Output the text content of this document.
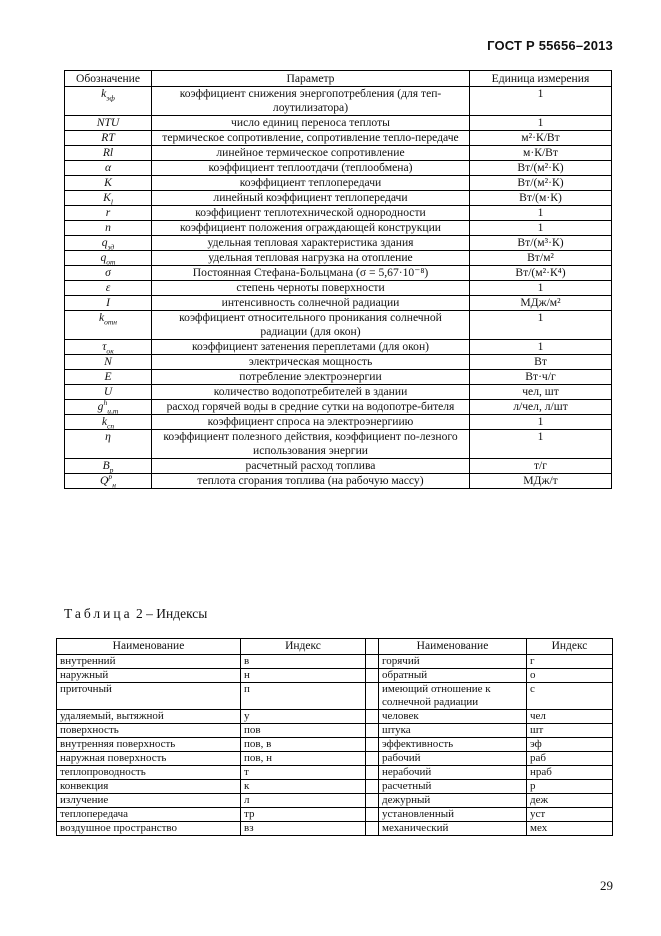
ГОСТ Р 55656–2013
Обозначение	Параметр	Единица измерения
$k_{эф}$	коэффициент снижения энергопотребления (для теп-лоутилизатора)	1
NTU	число единиц переноса теплоты	1
RT	термическое сопротивление, сопротивление тепло-передаче	м²·К/Вт
Rl	линейное термическое сопротивление	м·К/Вт
α	коэффициент теплоотдачи (теплообмена)	Вт/(м²·К)
К	коэффициент теплопередачи	Вт/(м²·К)
$K_l$	линейный коэффициент теплопередачи	Вт/(м·К)
r	коэффициент теплотехнической однородности	1
n	коэффициент положения ограждающей конструкции	1
$q_{зд}$	удельная тепловая характеристика здания	Вт/(м³·К)
$q_{от}$	удельная тепловая нагрузка на отопление	Вт/м²
σ	Постоянная Стефана-Больцмана (σ = 5,67·10⁻⁸)	Вт/(м²·К⁴)
ε	степень черноты поверхности	1
I	интенсивность солнечной радиации	МДж/м²
$k_{отн}$	коэффициент относительного проникания солнечной радиации (для окон)	1
$\tau_{ок}$	коэффициент затенения переплетами (для окон)	1
N	электрическая мощность	Вт
E	потребление электроэнергии	Вт·ч/г
U	количество водопотребителей в здании	чел, шт
$g^h_{u,m}$	расход горячей воды в средние сутки на водопотре-бителя	л/чел, л/шт
$k_{сп}$	коэффициент спроса на электроэнергиию	1
η	коэффициент полезного действия, коэффициент по-лезного использования энергии	1
$B_р$	расчетный расход топлива	т/г
$Q^р_н$	теплота сгорания топлива (на рабочую массу)	МДж/т
Таблица 2 – Индексы
Наименование	Индекс		Наименование	Индекс
внутренний	в		горячий	г
наружный	н		обратный	о
приточный	п		имеющий отношение к солнечной радиации	с
удаляемый, вытяжной	у		человек	чел
поверхность	пов		штука	шт
внутренняя поверхность	пов, в		эффективность	эф
наружная поверхность	пов, н		рабочий	раб
теплопроводность	т		нерабочий	нраб
конвекция	к		расчетный	р
излучение	л		дежурный	деж
теплопередача	тр		установленный	уст
воздушное пространство	вз		механический	мех
29
